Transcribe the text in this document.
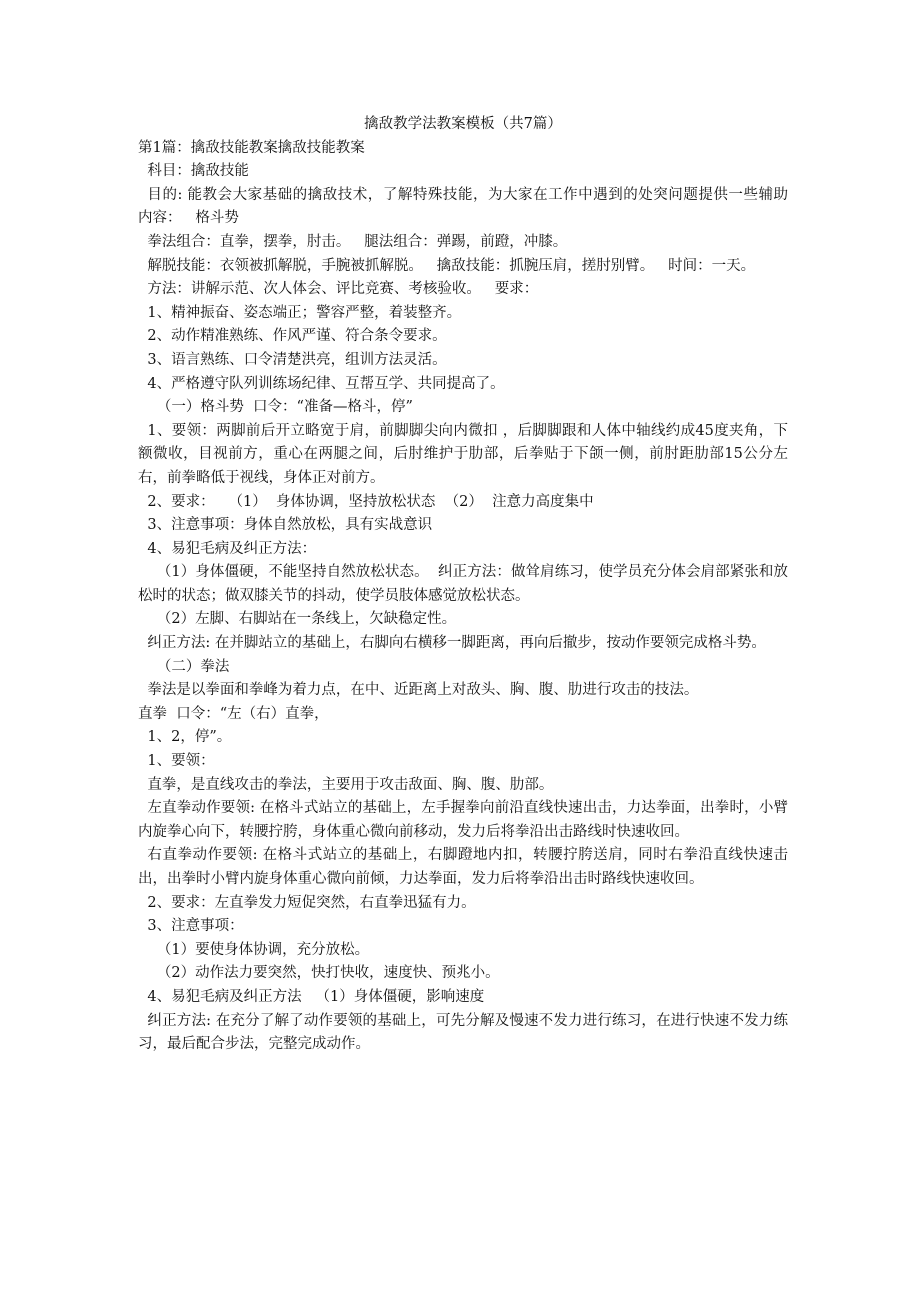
擒敌教学法教案模板（共7篇）

第1篇：擒敌技能教案擒敌技能教案

科目：擒敌技能

目的: 能教会大家基础的擒敌技术，了解特殊技能，为大家在工作中遇到的处突问题提供一些辅助  内容：   格斗势

拳法组合：直拳，摆拳，肘击。   腿法组合：弹踢，前蹬，冲膝。

解脱技能：衣领被抓解脱，手腕被抓解脱。   擒敌技能：抓腕压肩，搓肘别臂。   时间：一天。

方法：讲解示范、次人体会、评比竞赛、考核验收。   要求：

1、精神振奋、姿态端正；警容严整，着装整齐。

2、动作精准熟练、作风严谨、符合条令要求。

3、语言熟练、口令清楚洪亮，组训方法灵活。

4、严格遵守队列训练场纪律、互帮互学、共同提高了。

（一）格斗势  口令：“准备—格斗，停”

1、要领：两脚前后开立略宽于肩，前脚脚尖向内微扣 ，后脚脚跟和人体中轴线约成45度夹角，下额微收，目视前方，重心在两腿之间，后肘维护于肋部，后拳贴于下颌一侧，前肘距肋部15公分左右，前拳略低于视线，身体正对前方。

2、要求：   （1）  身体协调，坚持放松状态  （2）  注意力高度集中

3、注意事项：身体自然放松，具有实战意识

4、易犯毛病及纠正方法：

（1）身体僵硬，不能坚持自然放松状态。  纠正方法：做耸肩练习，使学员充分体会肩部紧张和放松时的状态；做双膝关节的抖动，使学员肢体感觉放松状态。

（2）左脚、右脚站在一条线上，欠缺稳定性。

纠正方法: 在并脚站立的基础上，右脚向右横移一脚距离，再向后撤步，按动作要领完成格斗势。

（二）拳法

拳法是以拳面和拳峰为着力点，在中、近距离上对敌头、胸、腹、肋进行攻击的技法。

直拳  口令：“左（右）直拳，

1、2，停”。

1、要领：

直拳，是直线攻击的拳法，主要用于攻击敌面、胸、腹、肋部。

左直拳动作要领: 在格斗式站立的基础上，左手握拳向前沿直线快速出击，力达拳面，出拳时，小臂内旋拳心向下，转腰拧胯，身体重心微向前移动，发力后将拳沿出击路线时快速收回。

右直拳动作要领: 在格斗式站立的基础上，右脚蹬地内扣，转腰拧胯送肩，同时右拳沿直线快速击出，出拳时小臂内旋身体重心微向前倾，力达拳面，发力后将拳沿出击时路线快速收回。

2、要求：左直拳发力短促突然，右直拳迅猛有力。

3、注意事项：

（1）要使身体协调，充分放松。

（2）动作法力要突然，快打快收，速度快、预兆小。

4、易犯毛病及纠正方法   （1）身体僵硬，影响速度

纠正方法: 在充分了解了动作要领的基础上，可先分解及慢速不发力进行练习，在进行快速不发力练习，最后配合步法，完整完成动作。
